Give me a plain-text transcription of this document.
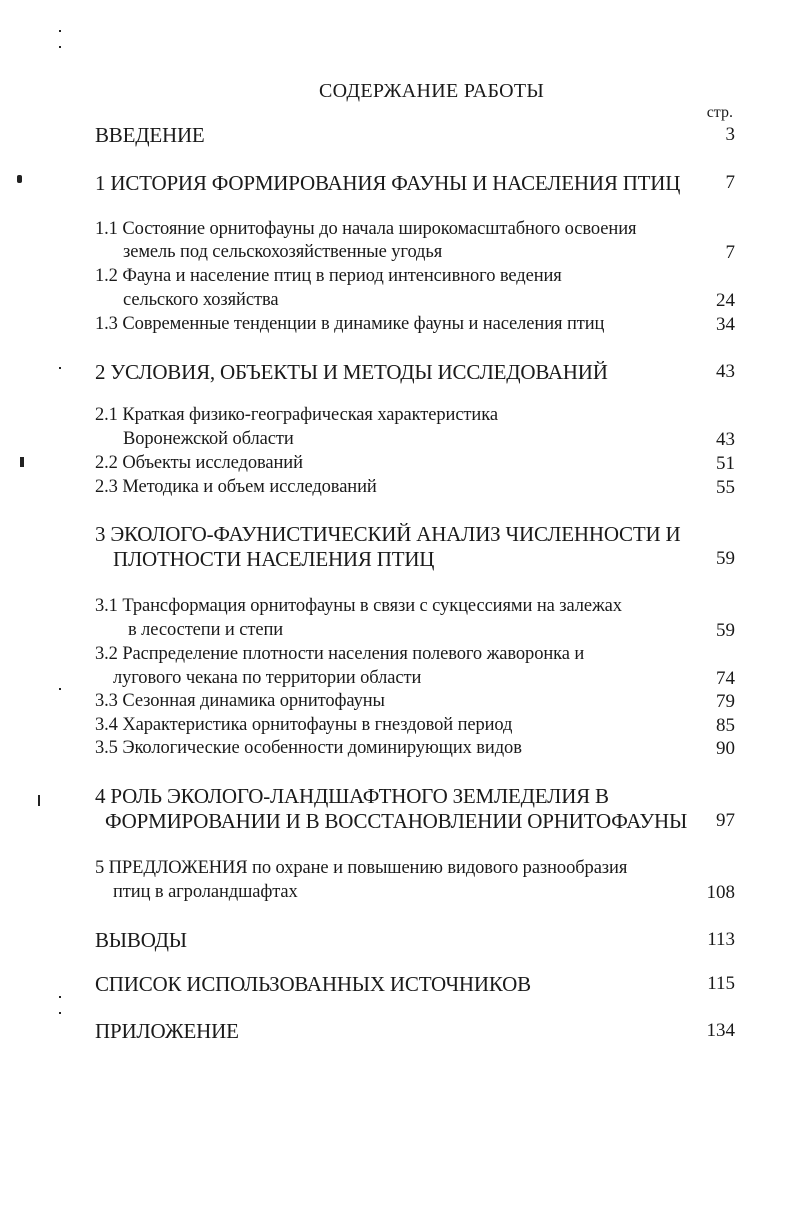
СОДЕРЖАНИЕ РАБОТЫ
стр.
ВВЕДЕНИЕ	3
1 ИСТОРИЯ ФОРМИРОВАНИЯ ФАУНЫ И НАСЕЛЕНИЯ ПТИЦ 7
1.1 Состояние орнитофауны до начала широкомасштабного освоения
земель под сельскохозяйственные угодья	7
1.2 Фауна и население птиц в период интенсивного ведения
сельского хозяйства	24
1.3 Современные тенденции в динамике фауны и населения птиц	34
2 УСЛОВИЯ, ОБЪЕКТЫ И МЕТОДЫ ИССЛЕДОВАНИЙ	43
2.1 Краткая физико-географическая характеристика
Воронежской области	43
2.2 Объекты исследований	51
2.3 Методика и объем исследований	55
3 ЭКОЛОГО-ФАУНИСТИЧЕСКИЙ АНАЛИЗ ЧИСЛЕННОСТИ И
ПЛОТНОСТИ НАСЕЛЕНИЯ ПТИЦ	59
3.1 Трансформация орнитофауны в связи с сукцессиями на залежах
в лесостепи и степи	59
3.2 Распределение плотности населения полевого жаворонка и
лугового чекана по территории области	74
3.3 Сезонная динамика орнитофауны	79
3.4 Характеристика орнитофауны в гнездовой период	85
3.5 Экологические особенности доминирующих видов	90
4 РОЛЬ ЭКОЛОГО-ЛАНДШАФТНОГО ЗЕМЛЕДЕЛИЯ В
ФОРМИРОВАНИИ И В ВОССТАНОВЛЕНИИ ОРНИТОФАУНЫ 97
5 ПРЕДЛОЖЕНИЯ по охране и повышению видового разнообразия
птиц в агроландшафтах	108
ВЫВОДЫ	113
СПИСОК ИСПОЛЬЗОВАННЫХ ИСТОЧНИКОВ	115
ПРИЛОЖЕНИЕ	134
